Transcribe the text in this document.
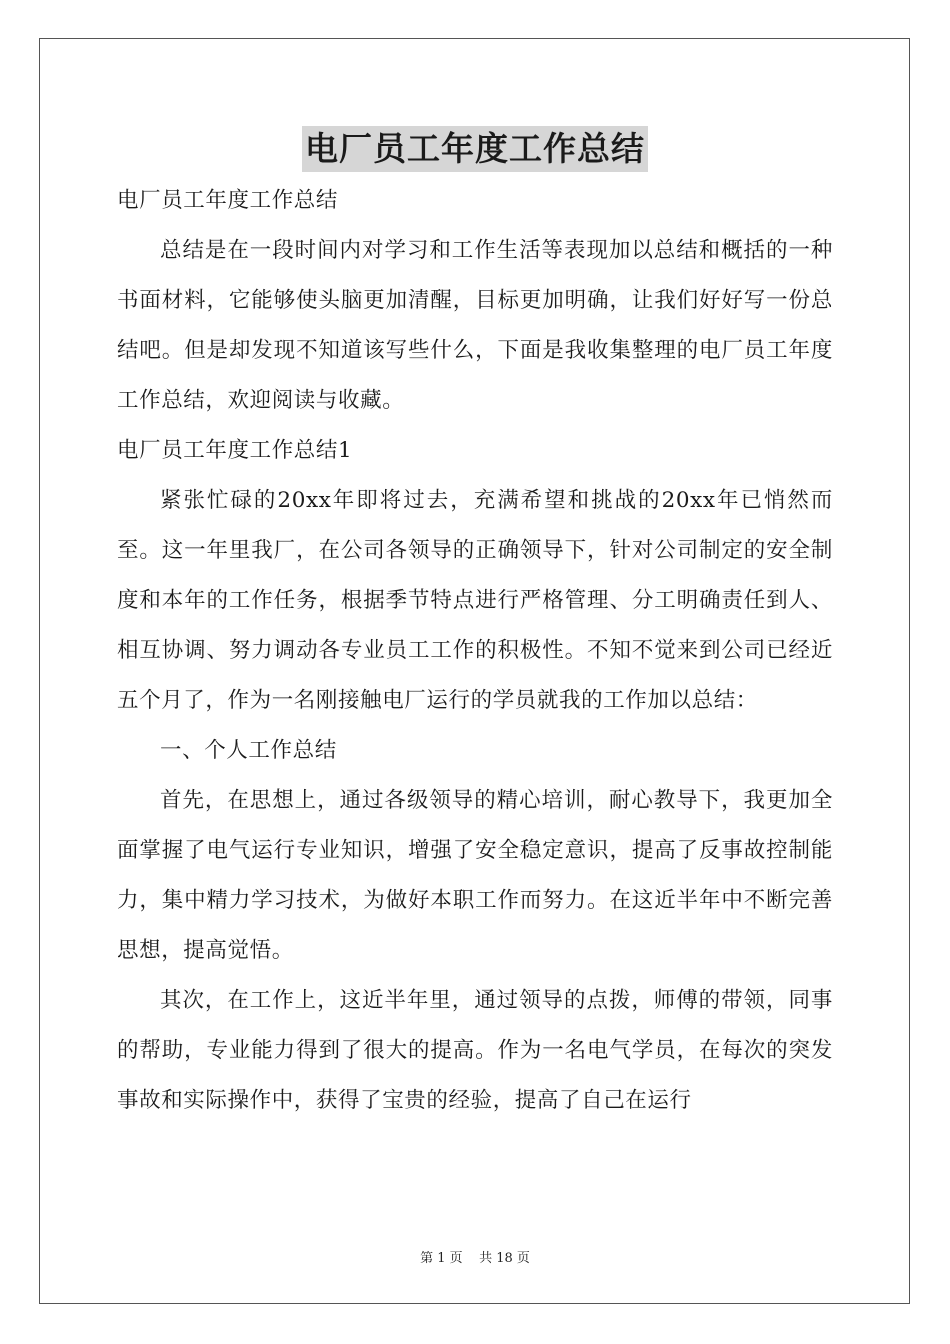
电厂员工年度工作总结

电厂员工年度工作总结

总结是在一段时间内对学习和工作生活等表现加以总结和概括的一种书面材料，它能够使头脑更加清醒，目标更加明确，让我们好好写一份总结吧。但是却发现不知道该写些什么，下面是我收集整理的电厂员工年度工作总结，欢迎阅读与收藏。

电厂员工年度工作总结1

紧张忙碌的20xx年即将过去，充满希望和挑战的20xx年已悄然而至。这一年里我厂，在公司各领导的正确领导下，针对公司制定的安全制度和本年的工作任务，根据季节特点进行严格管理、分工明确责任到人、相互协调、努力调动各专业员工工作的积极性。不知不觉来到公司已经近五个月了，作为一名刚接触电厂运行的学员就我的工作加以总结：

一、个人工作总结

首先，在思想上，通过各级领导的精心培训，耐心教导下，我更加全面掌握了电气运行专业知识，增强了安全稳定意识，提高了反事故控制能力，集中精力学习技术，为做好本职工作而努力。在这近半年中不断完善思想，提高觉悟。

其次，在工作上，这近半年里，通过领导的点拨，师傅的带领，同事的帮助，专业能力得到了很大的提高。作为一名电气学员，在每次的突发事故和实际操作中，获得了宝贵的经验，提高了自己在运行

第 1 页    共 18 页
